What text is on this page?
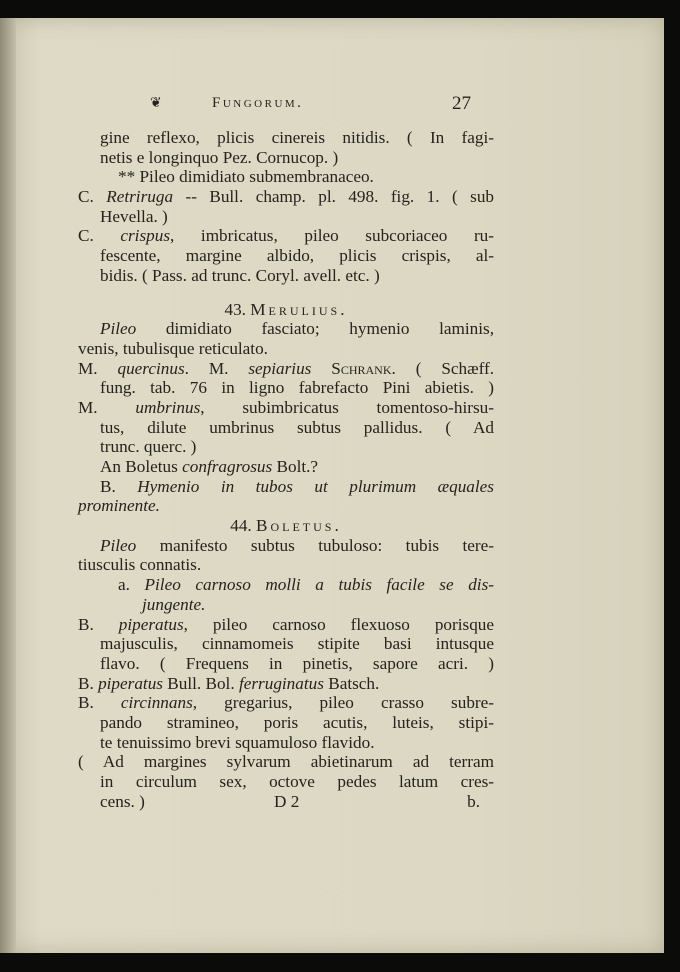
❦	Fungorum.	27
gine reflexo, plicis cinereis nitidis. ( In fagi-
netis e longinquo Pez. Cornucop. )
** Pileo dimidiato submembranaceo.
C. Retriruga -- Bull. champ. pl. 498. fig. 1. ( sub
Hevella. )
C. crispus, imbricatus, pileo subcoriaceo ru-
fescente, margine albido, plicis crispis, al-
bidis. ( Pass. ad trunc. Coryl. avell. etc. )
43. Merulius.
Pileo dimidiato fasciato; hymenio laminis,
venis, tubulisque reticulato.
M. quercinus. M. sepiarius Schrank. ( Schæff.
fung. tab. 76 in ligno fabrefacto Pini abietis. )
M. umbrinus, subimbricatus tomentoso-hirsu-
tus, dilute umbrinus subtus pallidus. ( Ad
trunc. querc. )
An Boletus confragrosus Bolt.?
B. Hymenio in tubos ut plurimum æquales
prominente.
44. Boletus.
Pileo manifesto subtus tubuloso: tubis tere-
tiusculis connatis.
a. Pileo carnoso molli a tubis facile se dis-
jungente.
B. piperatus, pileo carnoso flexuoso porisque
majusculis, cinnamomeis stipite basi intusque
flavo. ( Frequens in pinetis, sapore acri. )
B. piperatus Bull. Bol. ferruginatus Batsch.
B. circinnans, gregarius, pileo crasso subre-
pando stramineo, poris acutis, luteis, stipi-
te tenuissimo brevi squamuloso flavido.
( Ad margines sylvarum abietinarum ad terram
in circulum sex, octove pedes latum cres-
cens. )	D 2	b.
